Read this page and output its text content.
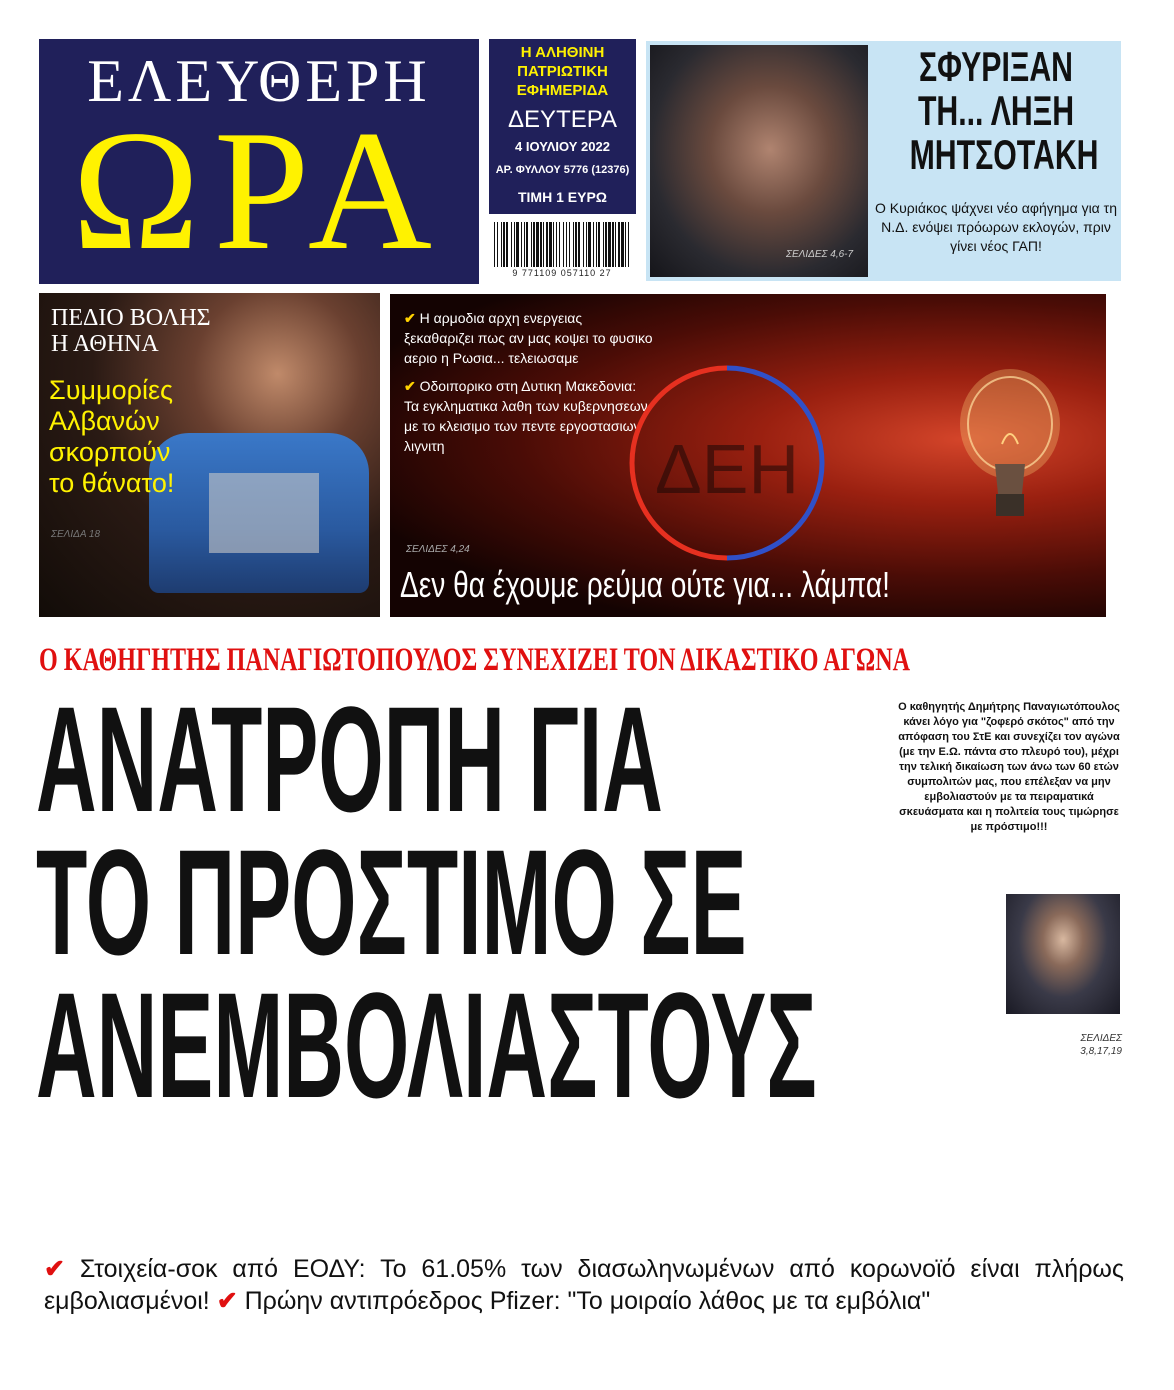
ΕΛΕΥΘΕΡΗ
ΩΡΑ
Η ΑΛΗΘΙΝΗ ΠΑΤΡΙΩΤΙΚΗ ΕΦΗΜΕΡΙΔΑ
ΔΕΥΤΕΡΑ
4 ΙΟΥΛΙΟΥ 2022
ΑΡ. ΦΥΛΛΟΥ 5776 (12376)
ΤΙΜΗ 1 ΕΥΡΩ
9 771109 057110 27
ΣΦΥΡΙΞΑΝ ΤΗ... ΛΗΞΗ ΜΗΤΣΟΤΑΚΗ
Ο Κυριάκος ψάχνει νέο αφήγημα για τη Ν.Δ. ενόψει πρόωρων εκλογών, πριν γίνει νέος ΓΑΠ!
ΣΕΛΙΔΕΣ 4,6-7
ΠΕΔΙΟ ΒΟΛΗΣ
Η ΑΘΗΝΑ
Συμμορίες Αλβανών σκορπούν το θάνατο!
ΣΕΛΙΔΑ 18
✔ Η αρμοδια αρχη ενεργειας ξεκαθαριζει πως αν μας κοψει το φυσικο αεριο η Ρωσια... τελειωσαμε
✔ Οδοιπορικο στη Δυτικη Μακεδονια: Τα εγκληματικα λαθη των κυβερνησεων με το κλεισιμο των πεντε εργοστασιων λιγνιτη	ΔΕΗ
ΣΕΛΙΔΕΣ 4,24
Δεν θα έχουμε ρεύμα ούτε για... λάμπα!
Ο ΚΑΘΗΓΗΤΗΣ ΠΑΝΑΓΙΩΤΟΠΟΥΛΟΣ ΣΥΝΕΧΙΖΕΙ ΤΟΝ ΔΙΚΑΣΤΙΚΟ ΑΓΩΝΑ
ΑΝΑΤΡΟΠΗ ΓΙΑ
ΤΟ ΠΡΟΣΤΙΜΟ ΣΕ
ΑΝΕΜΒΟΛΙΑΣΤΟΥΣ
Ο καθηγητής Δημήτρης Παναγιωτόπουλος κάνει λόγο για "ζοφερό σκότος" από την απόφαση του ΣτΕ και συνεχίζει τον αγώνα (με την Ε.Ω. πάντα στο πλευρό του), μέχρι την τελική δικαίωση των άνω των 60 ετών συμπολιτών μας, που επέλεξαν να μην εμβολιαστούν με τα πειραματικά σκευάσματα και η πολιτεία τους τιμώρησε με πρόστιμο!!!
ΣΕΛΙΔΕΣ
3,8,17,19
✔ Στοιχεία-σοκ από ΕΟΔΥ: Το 61.05% των διασωληνωμένων από κορωνοϊό είναι πλήρως εμβολιασμένοι! ✔ Πρώην αντιπρόεδρος Pfizer: "Το μοιραίο λάθος με τα εμβόλια"
